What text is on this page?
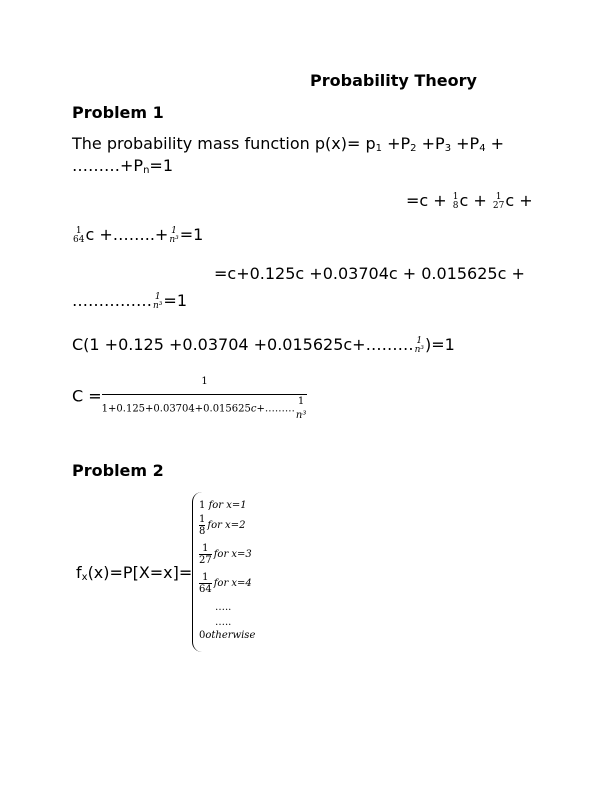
Probability Theory
Problem 1
The probability mass function $p(x)= p_1 +P_2 +P_3 +P_4$ +
$\dots\dots\dots+P_n=1$
=c + 1
8 c + 1
27 c +
1
64 c +……..+ 1
n³ =1
=c+0.125c +0.03704c + 0.015625c +
…………… 1
n³ =1
C(1 +0.125 +0.03704 +0.015625c+……… 1
n³ )=1
C = 1
1+0.125+0.03704+0.015625c+………
1
n³
Problem 2
$f_x(x)=P[X=x]=$
1
for x=1
$\frac{1}{8}$ for x=2
$\frac{1}{27}$ for x=3
$\frac{1}{64}$ for x=4
…..
…..
0 otherwise
